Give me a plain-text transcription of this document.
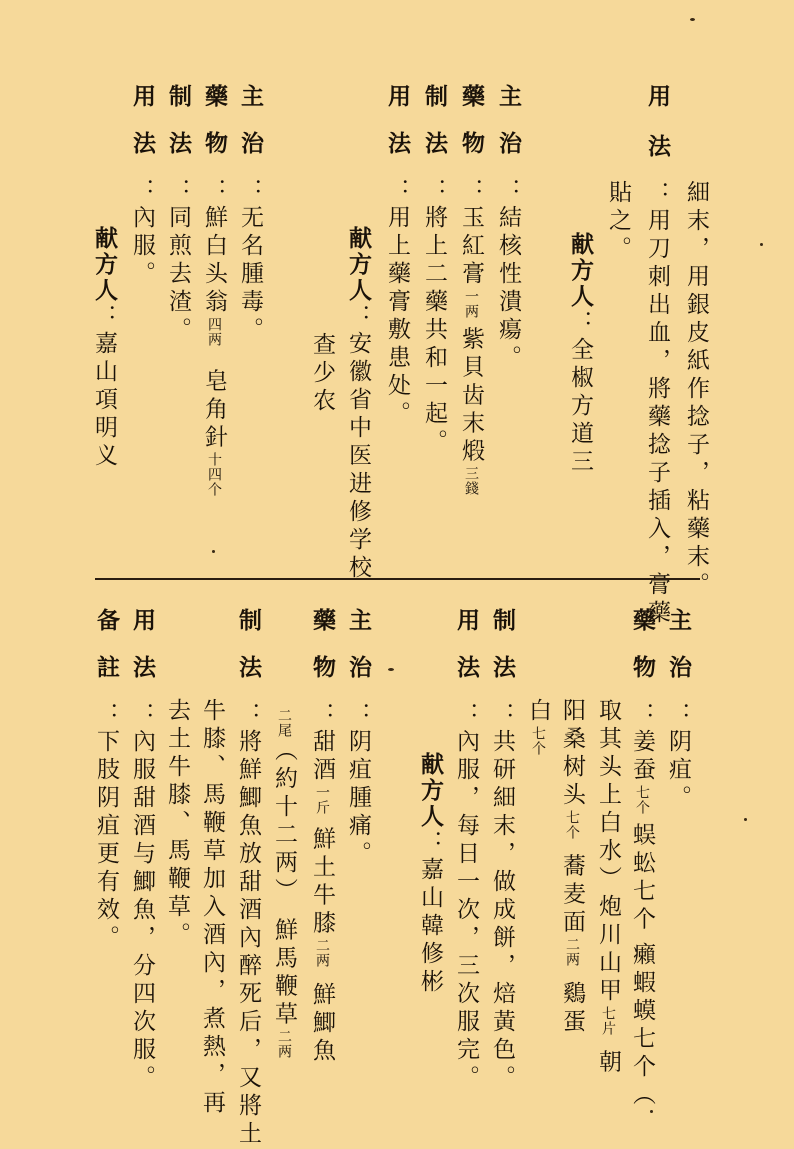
用
法：用刀刺出血，將藥捻子插入，膏藥 細末，用銀皮紙作捻子，粘藥末。
貼之。
献方人：全椒方道三
主治：結核性潰瘍。
藥物：玉紅膏一两 紫貝齿末煅三錢
制法：將上二藥共和一起。
用法：用上藥膏敷患处。
献方人：安徽省中医进修学校
查少农
主治：无名腫毒。
藥物：鮮白头翁四两 皂角針十四个
制法：同煎去渣。
用法：內服。
献方人：嘉山項明义
主治：阴疽。
藥物：姜蚕七个 蜈蚣七个 癩蝦蟆七个（
取其头上白水）炮川山甲七片 朝
阳桑树头七个 蕎麦面二两 鷄蛋
白七个
制法：共研細末，做成餅，焙黃色。
用法：內服，每日一次，三次服完。
献方人：嘉山韓修彬
主治：阴疽腫痛。
藥物：甜酒一斤 鮮土牛膝二两 鮮鯽魚
二尾（約十二两） 鮮馬鞭草二两
制法：將鮮鯽魚放甜酒內醉死后，又將土
牛膝、馬鞭草加入酒內，煮熱，再
去土牛膝、馬鞭草。
用法：內服甜酒与鯽魚，分四次服。
备註：下肢阴疽更有效。
